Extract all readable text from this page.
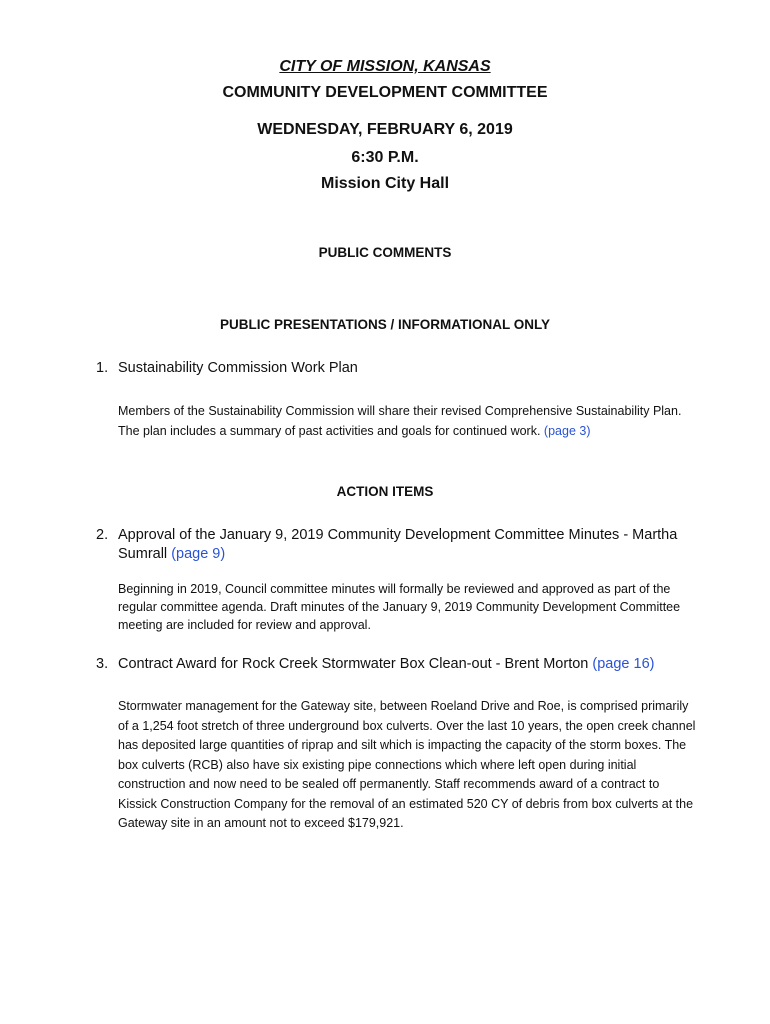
CITY OF MISSION, KANSAS
COMMUNITY DEVELOPMENT COMMITTEE
WEDNESDAY, FEBRUARY 6, 2019
6:30 P.M.
Mission City Hall
PUBLIC COMMENTS
PUBLIC PRESENTATIONS / INFORMATIONAL ONLY
1. Sustainability Commission Work Plan
Members of the Sustainability Commission will share their revised Comprehensive Sustainability Plan. The plan includes a summary of past activities and goals for continued work. (page 3)
ACTION ITEMS
2. Approval of the January 9, 2019 Community Development Committee Minutes - Martha Sumrall (page 9)
Beginning in 2019, Council committee minutes will formally be reviewed and approved as part of the regular committee agenda. Draft minutes of the January 9, 2019 Community Development Committee meeting are included for review and approval.
3. Contract Award for Rock Creek Stormwater Box Clean-out - Brent Morton (page 16)
Stormwater management for the Gateway site, between Roeland Drive and Roe, is comprised primarily of a 1,254 foot stretch of three underground box culverts. Over the last 10 years, the open creek channel has deposited large quantities of riprap and silt which is impacting the capacity of the storm boxes. The box culverts (RCB) also have six existing pipe connections which where left open during initial construction and now need to be sealed off permanently. Staff recommends award of a contract to Kissick Construction Company for the removal of an estimated 520 CY of debris from box culverts at the Gateway site in an amount not to exceed $179,921.
